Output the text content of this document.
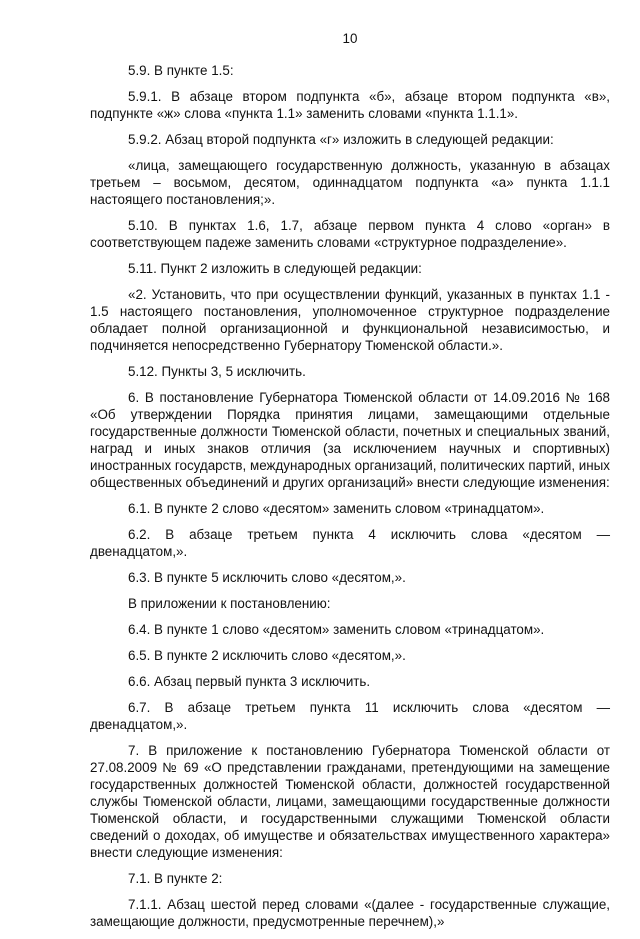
10

5.9. В пункте 1.5:

5.9.1. В абзаце втором подпункта «б», абзаце втором подпункта «в», подпункте «ж» слова «пункта 1.1» заменить словами «пункта 1.1.1».

5.9.2. Абзац второй подпункта «г» изложить в следующей редакции:

«лица, замещающего государственную должность, указанную в абзацах третьем – восьмом, десятом, одиннадцатом подпункта «а» пункта 1.1.1 настоящего постановления;».

5.10. В пунктах 1.6, 1.7, абзаце первом пункта 4 слово «орган» в соответствующем падеже заменить словами «структурное подразделение».

5.11. Пункт 2 изложить в следующей редакции:

«2. Установить, что при осуществлении функций, указанных в пунктах 1.1 - 1.5 настоящего постановления, уполномоченное структурное подразделение обладает полной организационной и функциональной независимостью, и подчиняется непосредственно Губернатору Тюменской области.».

5.12. Пункты 3, 5 исключить.

6. В постановление Губернатора Тюменской области от 14.09.2016 № 168 «Об утверждении Порядка принятия лицами, замещающими отдельные государственные должности Тюменской области, почетных и специальных званий, наград и иных знаков отличия (за исключением научных и спортивных) иностранных государств, международных организаций, политических партий, иных общественных объединений и других организаций» внести следующие изменения:

6.1. В пункте 2 слово «десятом» заменить словом «тринадцатом».

6.2. В абзаце третьем пункта 4 исключить слова «десятом — двенадцатом,».

6.3. В пункте 5 исключить слово «десятом,».

В приложении к постановлению:

6.4. В пункте 1 слово «десятом» заменить словом «тринадцатом».

6.5. В пункте 2 исключить слово «десятом,».

6.6. Абзац первый пункта 3 исключить.

6.7. В абзаце третьем пункта 11 исключить слова «десятом — двенадцатом,».

7. В приложение к постановлению Губернатора Тюменской области от 27.08.2009 № 69 «О представлении гражданами, претендующими на замещение государственных должностей Тюменской области, должностей государственной службы Тюменской области, лицами, замещающими государственные должности Тюменской области, и государственными служащими Тюменской области сведений о доходах, об имуществе и обязательствах имущественного характера» внести следующие изменения:

7.1. В пункте 2:

7.1.1. Абзац шестой перед словами «(далее - государственные служащие, замещающие должности, предусмотренные перечнем),»
